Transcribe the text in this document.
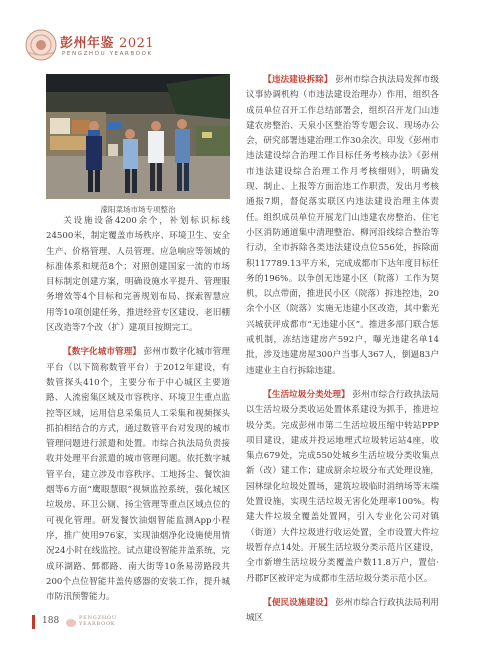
彭州年鉴 2021
PENGZHOU YEARBOOK
濛阳菜场市场专项整治

关设施设备4200余个，补划标识标线24500米，制定覆盖市场秩序、环境卫生、安全生产、价格管理、人员管理、应急响应等领域的标准体系和规范8个；对照创建国家一流的市场目标制定创建方案，明确设施水平提升、管理服务增效等4个目标和完善规划布局、探索智慧应用等10项创建任务，推进经营专区建设、老旧棚区改造等7个改（扩）建项目按期完工。

【数字化城市管理】 彭州市数字化城市管理平台（以下简称数管平台）于2012年建设，有数管探头410个，主要分布于中心城区主要道路、人流密集区域及市容秩序、环境卫生重点监控等区域，运用信息采集员人工采集和视频探头抓拍相结合的方式，通过数管平台对发现的城市管理问题进行派遣和处置。市综合执法局负责接收并处理平台派遣的城市管理问题。依托数字城管平台，建立涉及市容秩序、工地扬尘、餐饮油烟等6方面“鹰眼慧眼”视频监控系统，强化城区垃圾房、环卫公厕、扬尘管理等重点区域点位的可视化管理。研发餐饮油烟智能监测App小程序，推广使用976家，实现油烟净化设施使用情况24小时在线监控。试点建设智能井盖系统，完成环湖路、鄄都路、南大街等10条易涝路段共200个点位智能井盖传感器的安装工作，提升城市防汛预警能力。

【违法建设拆除】 彭州市综合执法局发挥市级议事协调机构（市违法建设治理办）作用，组织各成员单位召开工作总结部署会，组织召开龙门山违建农房整治、天泉小区整治等专题会议、现场办公会，研究部署违建治理工作30余次。印发《彭州市违法建设综合治理工作目标任务考核办法》《彭州市违法建设综合治理工作月考核细则》，明确发现、制止、上报等方面治违工作职责，发出月考核通报7期，督促落实联区内违法建设治理主体责任。组织成员单位开展龙门山违建农房整治、住宅小区消防通道集中清理整治、柳河沿线综合整治等行动，全市拆除各类违法建设点位556处，拆除面积117789.13平方米，完成成都市下达年度目标任务的196%。以争创无违建小区（院落）工作为契机，以点带面，推进民小区（院落）拆违控违，20余个小区（院落）实施无违建小区改造，其中紫光兴城获评成都市“无违建小区”。推进多部门联合惩戒机制，冻结违建房产592户，曝光违建名单14批，涉及违建房屋300户当事人367人，倒逼83户违建业主自行拆除违建。

【生活垃圾分类处理】 彭州市综合行政执法局以生活垃圾分类收运处置体系建设为抓手，推进垃圾分类。完成彭州市第二生活垃圾压缩中转站PPP项目建设，建成并投运地埋式垃圾转运站4座，收集点679处，完成550处城乡生活垃圾分类收集点新（改）建工作；建成厨余垃圾分布式处理设施，园林绿化垃圾处置场，建筑垃圾临时消纳场等末端处置设施，实现生活垃圾无害化处理率100%。构建大件垃圾全覆盖处置网，引入专业化公司对镇（街道）大件垃圾进行收运处置，全市设置大件垃圾暂存点14处。开展生活垃圾分类示范片区建设，全市新增生活垃圾分类覆盖户数11.8万户，置信·丹郡F区被评定为成都市生活垃圾分类示范小区。

【便民设施建设】 彭州市综合行政执法局利用城区

188	PENGZHOU
YEARBOOK
